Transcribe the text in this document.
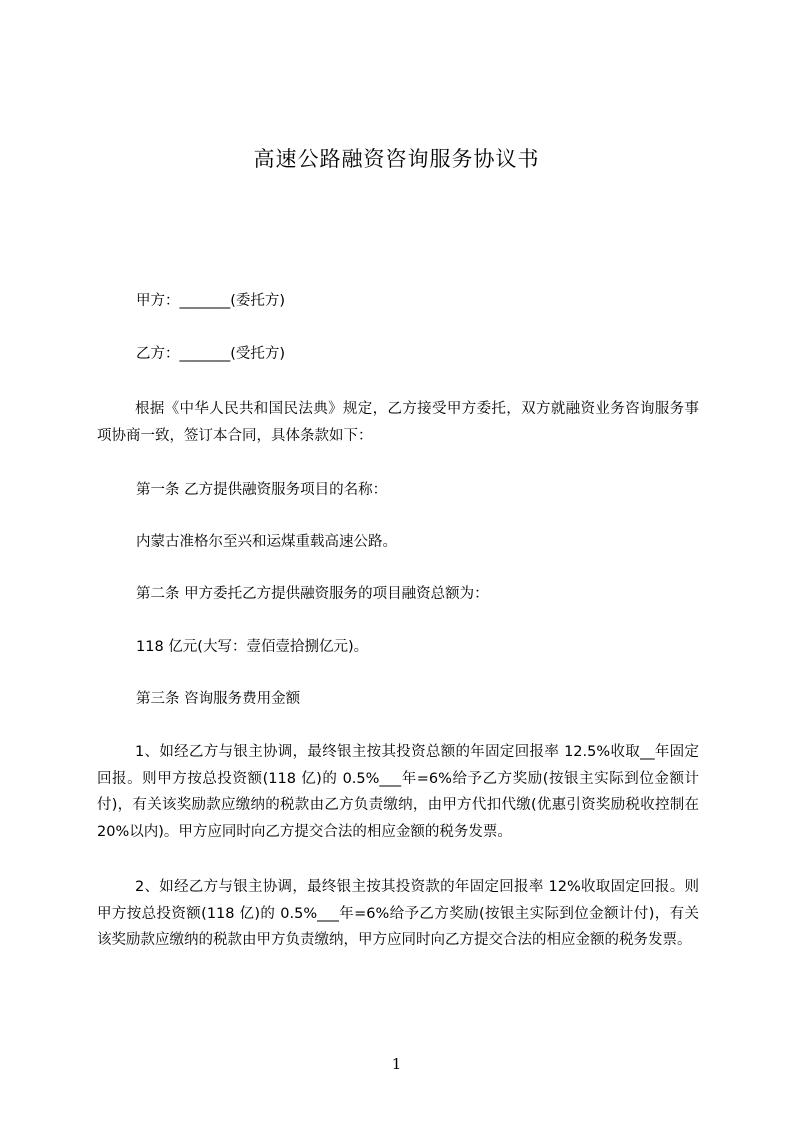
高速公路融资咨询服务协议书

甲方：_______(委托方)

乙方：_______(受托方)

根据《中华人民共和国民法典》规定，乙方接受甲方委托，双方就融资业务咨询服务事项协商一致，签订本合同，具体条款如下：

第一条 乙方提供融资服务项目的名称：

内蒙古准格尔至兴和运煤重载高速公路。

第二条 甲方委托乙方提供融资服务的项目融资总额为：

118 亿元(大写：壹佰壹拾捌亿元)。

第三条 咨询服务费用金额

1、如经乙方与银主协调，最终银主按其投资总额的年固定回报率 12.5%收取__年固定回报。则甲方按总投资额(118 亿)的 0.5%___年=6%给予乙方奖励(按银主实际到位金额计付)，有关该奖励款应缴纳的税款由乙方负责缴纳，由甲方代扣代缴(优惠引资奖励税收控制在 20%以内)。甲方应同时向乙方提交合法的相应金额的税务发票。

2、如经乙方与银主协调，最终银主按其投资款的年固定回报率 12%收取固定回报。则甲方按总投资额(118 亿)的 0.5%___年=6%给予乙方奖励(按银主实际到位金额计付)，有关该奖励款应缴纳的税款由甲方负责缴纳，甲方应同时向乙方提交合法的相应金额的税务发票。

1
